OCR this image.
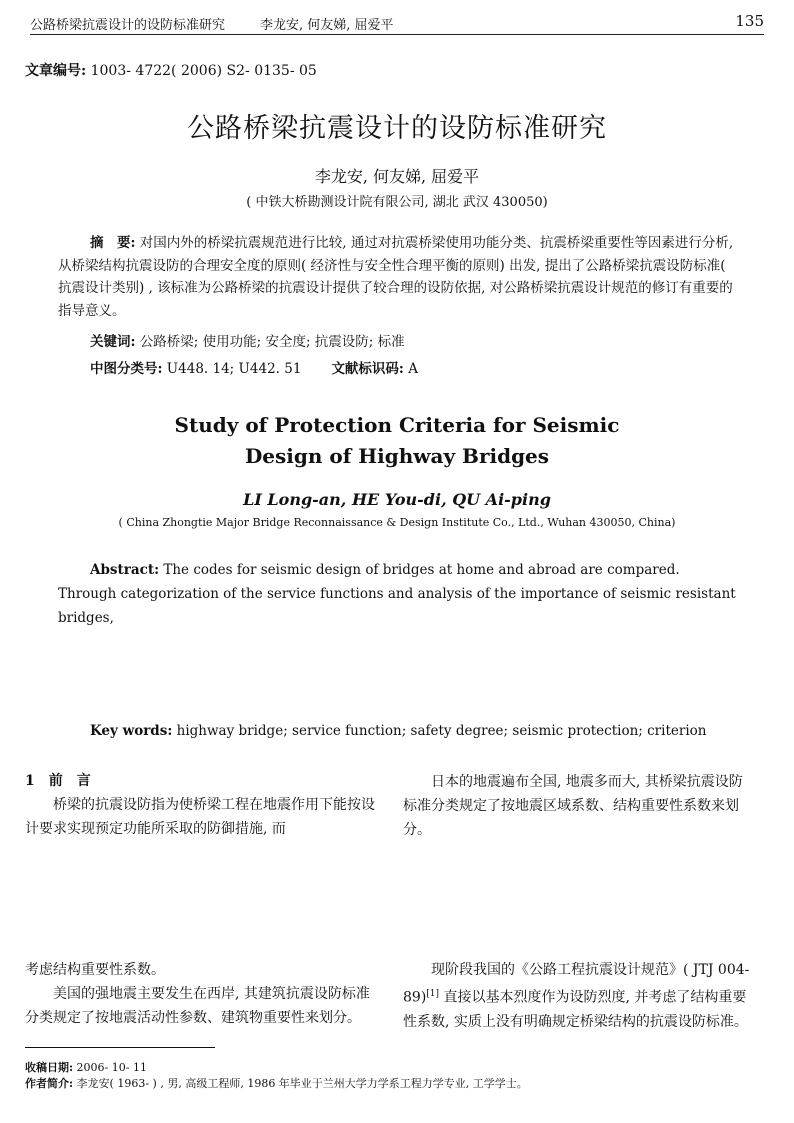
公路桥梁抗震设计的设防标准研究	李龙安, 何友娣, 屈爱平	135
文章编号: 1003- 4722( 2006) S2- 0135- 05
公路桥梁抗震设计的设防标准研究
李龙安, 何友娣, 屈爱平
( 中铁大桥勘测设计院有限公司, 湖北 武汉 430050)
摘　要: 对国内外的桥梁抗震规范进行比较, 通过对抗震桥梁使用功能分类、抗震桥梁重要性等因素进行分析, 从桥梁结构抗震设防的合理安全度的原则( 经济性与安全性合理平衡的原则) 出发, 提出了公路桥梁抗震设防标准( 抗震设计类别) , 该标准为公路桥梁的抗震设计提供了较合理的设防依据, 对公路桥梁抗震设计规范的修订有重要的指导意义。
关键词: 公路桥梁; 使用功能; 安全度; 抗震设防; 标准
中图分类号: U448. 14; U442. 51 文献标识码: A
Study of Protection Criteria for Seismic
Design of Highway Bridges
LI Long-an, HE You-di, QU Ai-ping
( China Zhongtie Major Bridge Reconnaissance & Design Institute Co., Ltd., Wuhan 430050, China)
Abstract: The codes for seismic design of bridges at home and abroad are compared. Through categorization of the service functions and analysis of the importance of seismic resistant bridges,
Key words: highway bridge; service function; safety degree; seismic protection; criterion
1　前　言

桥梁的抗震设防指为使桥梁工程在地震作用下能按设计要求实现预定功能所采取的防御措施, 而

日本的地震遍布全国, 地震多而大, 其桥梁抗震设防标准分类规定了按地震区域系数、结构重要性系数来划分。

考虑结构重要性系数。

美国的强地震主要发生在西岸, 其建筑抗震设防标准分类规定了按地震活动性参数、建筑物重要性来划分。

现阶段我国的《公路工程抗震设计规范》( JTJ 004- 89)[1] 直接以基本烈度作为设防烈度, 并考虑了结构重要性系数, 实质上没有明确规定桥梁结构的抗震设防标准。

收稿日期: 2006- 10- 11
作者简介: 李龙安( 1963- ) , 男, 高级工程师, 1986 年毕业于兰州大学力学系工程力学专业, 工学学士。
